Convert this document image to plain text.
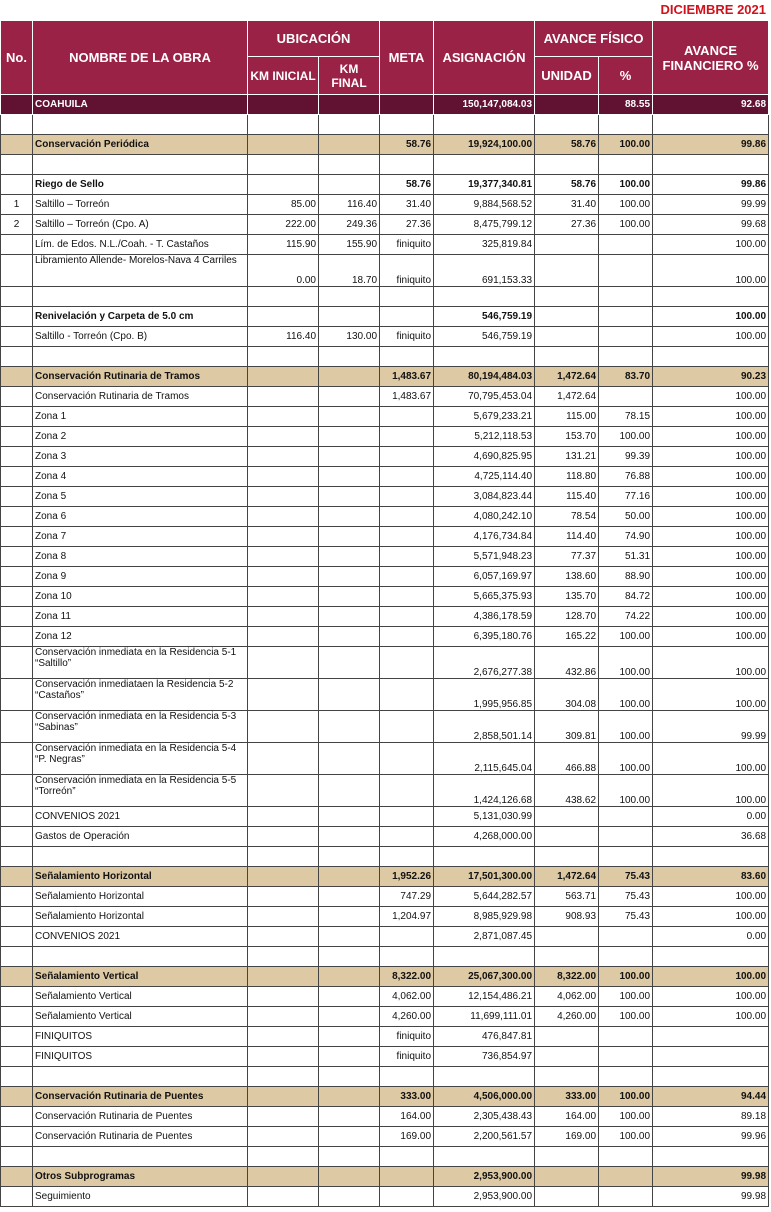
DICIEMBRE 2021
No.	NOMBRE DE LA OBRA	UBICACIÓN		META	ASIGNACIÓN	AVANCE FÍSICO		AVANCE FINANCIERO %
		KM INICIAL	KM FINAL			UNIDAD	%	
	COAHUILA				150,147,084.03		88.55	92.68

	Conservación Periódica			58.76	19,924,100.00	58.76	100.00	99.86

	Riego de Sello			58.76	19,377,340.81	58.76	100.00	99.86
1	Saltillo – Torreón	85.00	116.40	31.40	9,884,568.52	31.40	100.00	99.99
2	Saltillo – Torreón (Cpo. A)	222.00	249.36	27.36	8,475,799.12	27.36	100.00	99.68
	Lím. de Edos. N.L./Coah. - T. Castaños	115.90	155.90	finiquito	325,819.84			100.00
	Libramiento Allende- Morelos-Nava 4 Carriles	0.00	18.70	finiquito	691,153.33			100.00

	Renivelación y Carpeta de 5.0 cm				546,759.19			100.00
	Saltillo - Torreón (Cpo. B)	116.40	130.00	finiquito	546,759.19			100.00

	Conservación Rutinaria de Tramos			1,483.67	80,194,484.03	1,472.64	83.70	90.23
	Conservación Rutinaria de Tramos			1,483.67	70,795,453.04	1,472.64		100.00
	Zona 1				5,679,233.21	115.00	78.15	100.00
	Zona 2				5,212,118.53	153.70	100.00	100.00
	Zona 3				4,690,825.95	131.21	99.39	100.00
	Zona 4				4,725,114.40	118.80	76.88	100.00
	Zona 5				3,084,823.44	115.40	77.16	100.00
	Zona 6				4,080,242.10	78.54	50.00	100.00
	Zona 7				4,176,734.84	114.40	74.90	100.00
	Zona 8				5,571,948.23	77.37	51.31	100.00
	Zona 9				6,057,169.97	138.60	88.90	100.00
	Zona 10				5,665,375.93	135.70	84.72	100.00
	Zona 11				4,386,178.59	128.70	74.22	100.00
	Zona 12				6,395,180.76	165.22	100.00	100.00
	Conservación inmediata en la Residencia 5-1 “Saltillo”				2,676,277.38	432.86	100.00	100.00
	Conservación inmediataen la Residencia 5-2 “Castaños”				1,995,956.85	304.08	100.00	100.00
	Conservación inmediata en la Residencia 5-3 “Sabinas”				2,858,501.14	309.81	100.00	99.99
	Conservación inmediata en la Residencia 5-4 “P. Negras”				2,115,645.04	466.88	100.00	100.00
	Conservación inmediata en la Residencia 5-5 “Torreón”				1,424,126.68	438.62	100.00	100.00
	CONVENIOS 2021				5,131,030.99			0.00
	Gastos de Operación				4,268,000.00			36.68

	Señalamiento Horizontal			1,952.26	17,501,300.00	1,472.64	75.43	83.60
	Señalamiento Horizontal			747.29	5,644,282.57	563.71	75.43	100.00
	Señalamiento Horizontal			1,204.97	8,985,929.98	908.93	75.43	100.00
	CONVENIOS 2021				2,871,087.45			0.00

	Señalamiento Vertical			8,322.00	25,067,300.00	8,322.00	100.00	100.00
	Señalamiento Vertical			4,062.00	12,154,486.21	4,062.00	100.00	100.00
	Señalamiento Vertical			4,260.00	11,699,111.01	4,260.00	100.00	100.00
	FINIQUITOS			finiquito	476,847.81			
	FINIQUITOS			finiquito	736,854.97			

	Conservación Rutinaria de Puentes			333.00	4,506,000.00	333.00	100.00	94.44
	Conservación Rutinaria de Puentes			164.00	2,305,438.43	164.00	100.00	89.18
	Conservación Rutinaria de Puentes			169.00	2,200,561.57	169.00	100.00	99.96

	Otros Subprogramas				2,953,900.00			99.98
	Seguimiento				2,953,900.00			99.98
